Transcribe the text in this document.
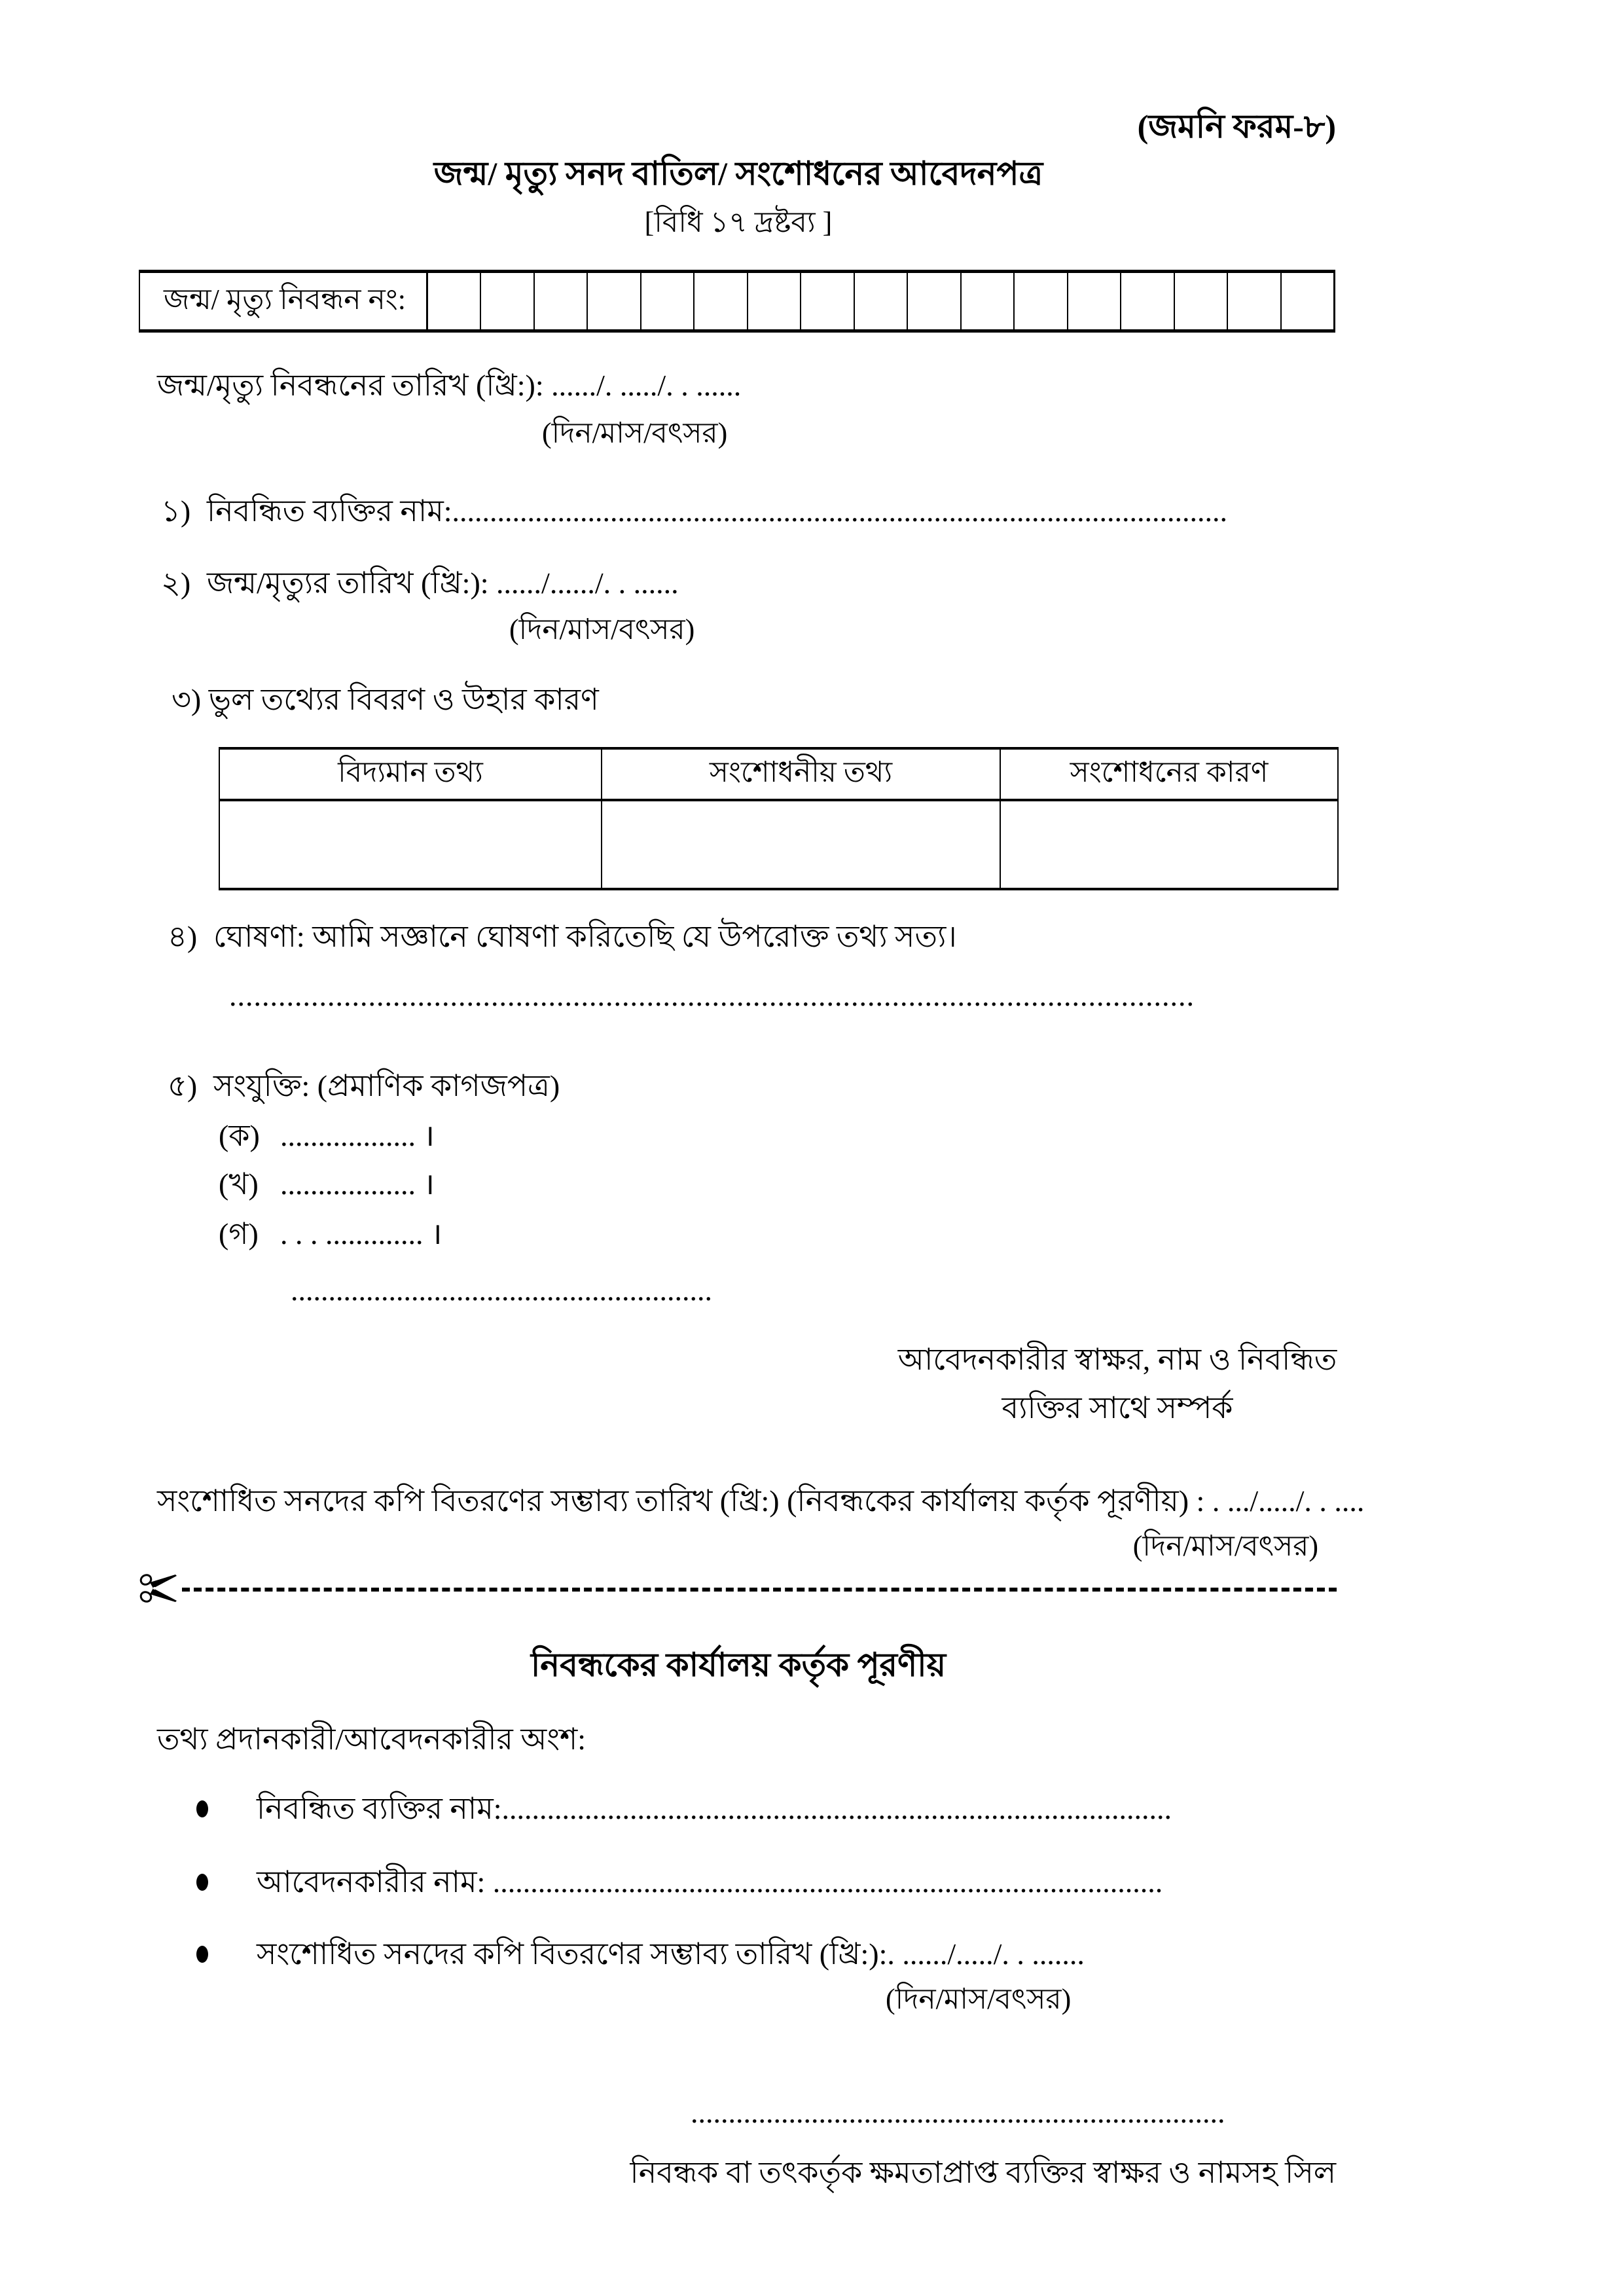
(জমনি ফরম-৮)
জন্ম/ মৃত্যু সনদ বাতিল/ সংশোধনের আবেদনপত্র
[বিধি ১৭ দ্রষ্টব্য ]
জন্ম/ মৃত্যু নিবন্ধন নং:
জন্ম/মৃত্যু নিবন্ধনের তারিখ (খ্রি:): ....../. ...../. . ......
(দিন/মাস/বৎসর)
১) নিবন্ধিত ব্যক্তির নাম:.......................................................................................................
২) জন্ম/মৃত্যুর তারিখ (খ্রি:): ....../....../. . ......
(দিন/মাস/বৎসর)
৩) ভুল তথ্যের বিবরণ ও উহার কারণ
বিদ্যমান তথ্য	সংশোধনীয় তথ্য	সংশোধনের কারণ

৪) ঘোষণা: আমি সজ্ঞানে ঘোষণা করিতেছি যে উপরোক্ত তথ্য সত্য।
......................................................................................................................
৫) সংযুক্তি: (প্রমাণিক কাগজপত্র)
(ক) .................. ।
(খ) .................. ।
(গ) . . . ............. ।
........................................................
আবেদনকারীর স্বাক্ষর, নাম ও নিবন্ধিত
ব্যক্তির সাথে সম্পর্ক
সংশোধিত সনদের কপি বিতরণের সম্ভাব্য তারিখ (খ্রি:) (নিবন্ধকের কার্যালয় কর্তৃক পূরণীয়) : . .../...../. . ....
(দিন/মাস/বৎসর)
নিবন্ধকের কার্যালয় কর্তৃক পূরণীয়
তথ্য প্রদানকারী/আবেদনকারীর অংশ:
নিবন্ধিত ব্যক্তির নাম:.........................................................................................
আবেদনকারীর নাম: .........................................................................................
সংশোধিত সনদের কপি বিতরণের সম্ভাব্য তারিখ (খ্রি:):. ....../...../. . .......
(দিন/মাস/বৎসর)
.......................................................................
নিবন্ধক বা তৎকর্তৃক ক্ষমতাপ্রাপ্ত ব্যক্তির স্বাক্ষর ও নামসহ সিল
